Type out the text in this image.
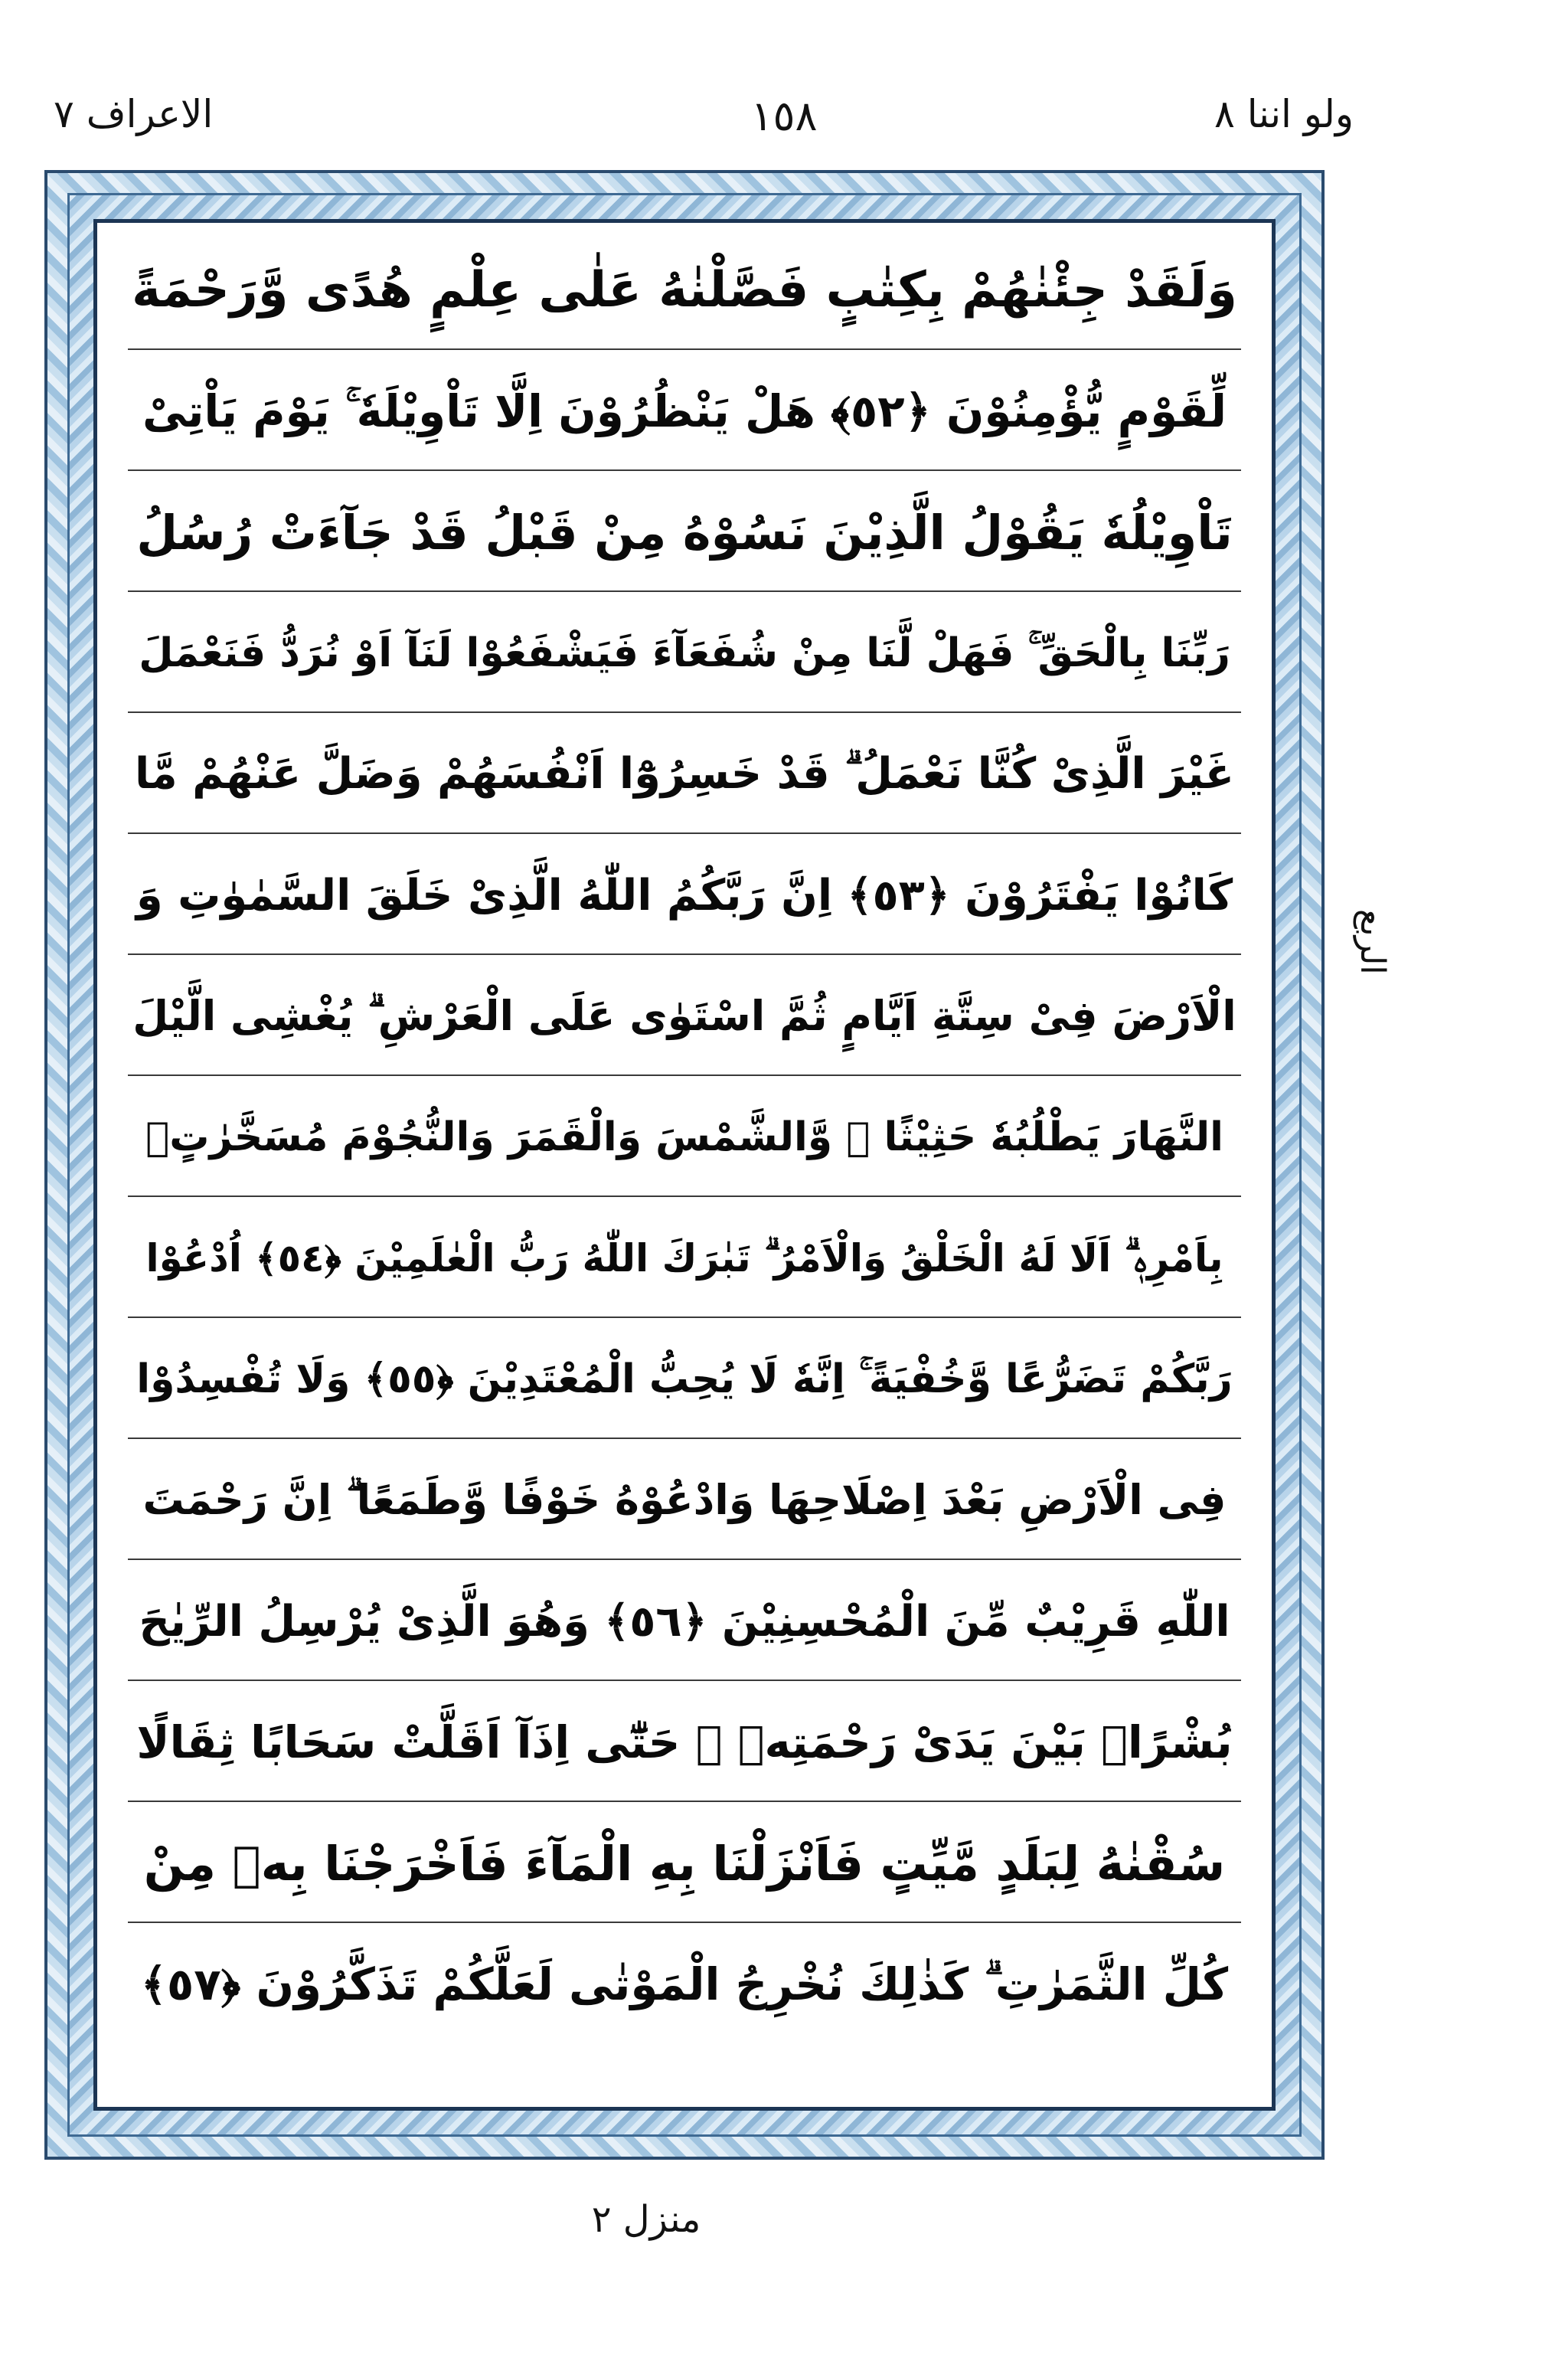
ولو اننا ٨
١٥٨
الاعراف ٧
وَلَقَدْ جِئْنٰهُمْ بِكِتٰبٍ فَصَّلْنٰهُ عَلٰى عِلْمٍ هُدًى وَّرَحْمَةً
لِّقَوْمٍ يُّؤْمِنُوْنَ ﴿٥٢﴾ هَلْ يَنْظُرُوْنَ اِلَّا تَاْوِيْلَهٗ ۚ يَوْمَ يَاْتِىْ
تَاْوِيْلُهٗ يَقُوْلُ الَّذِيْنَ نَسُوْهُ مِنْ قَبْلُ قَدْ جَآءَتْ رُسُلُ
رَبِّنَا بِالْحَقِّ ۚ فَهَلْ لَّنَا مِنْ شُفَعَآءَ فَيَشْفَعُوْا لَنَآ اَوْ نُرَدُّ فَنَعْمَلَ
غَيْرَ الَّذِىْ كُنَّا نَعْمَلُ ۗ قَدْ خَسِرُوْٓا اَنْفُسَهُمْ وَضَلَّ عَنْهُمْ مَّا
كَانُوْا يَفْتَرُوْنَ ﴿٥٣﴾ اِنَّ رَبَّكُمُ اللّٰهُ الَّذِىْ خَلَقَ السَّمٰوٰتِ وَ
الْاَرْضَ فِىْ سِتَّةِ اَيَّامٍ ثُمَّ اسْتَوٰى عَلَى الْعَرْشِ ۗ يُغْشِى الَّيْلَ
النَّهَارَ يَطْلُبُهٗ حَثِيْثًا ۙ وَّالشَّمْسَ وَالْقَمَرَ وَالنُّجُوْمَ مُسَخَّرٰتٍۭ
بِاَمْرِهٖ ۗ اَلَا لَهُ الْخَلْقُ وَالْاَمْرُ ۗ تَبٰرَكَ اللّٰهُ رَبُّ الْعٰلَمِيْنَ ﴿٥٤﴾ اُدْعُوْا
رَبَّكُمْ تَضَرُّعًا وَّخُفْيَةً ۚ اِنَّهٗ لَا يُحِبُّ الْمُعْتَدِيْنَ ﴿٥٥﴾ وَلَا تُفْسِدُوْا
فِى الْاَرْضِ بَعْدَ اِصْلَاحِهَا وَادْعُوْهُ خَوْفًا وَّطَمَعًا ۗ اِنَّ رَحْمَتَ
اللّٰهِ قَرِيْبٌ مِّنَ الْمُحْسِنِيْنَ ﴿٥٦﴾ وَهُوَ الَّذِىْ يُرْسِلُ الرِّيٰحَ
بُشْرًاۢ بَيْنَ يَدَىْ رَحْمَتِهٖ ۗ حَتّٰٓى اِذَآ اَقَلَّتْ سَحَابًا ثِقَالًا
سُقْنٰهُ لِبَلَدٍ مَّيِّتٍ فَاَنْزَلْنَا بِهِ الْمَآءَ فَاَخْرَجْنَا بِهٖ مِنْ
كُلِّ الثَّمَرٰتِ ۗ كَذٰلِكَ نُخْرِجُ الْمَوْتٰى لَعَلَّكُمْ تَذَكَّرُوْنَ ﴿٥٧﴾
الربع
منزل ٢
